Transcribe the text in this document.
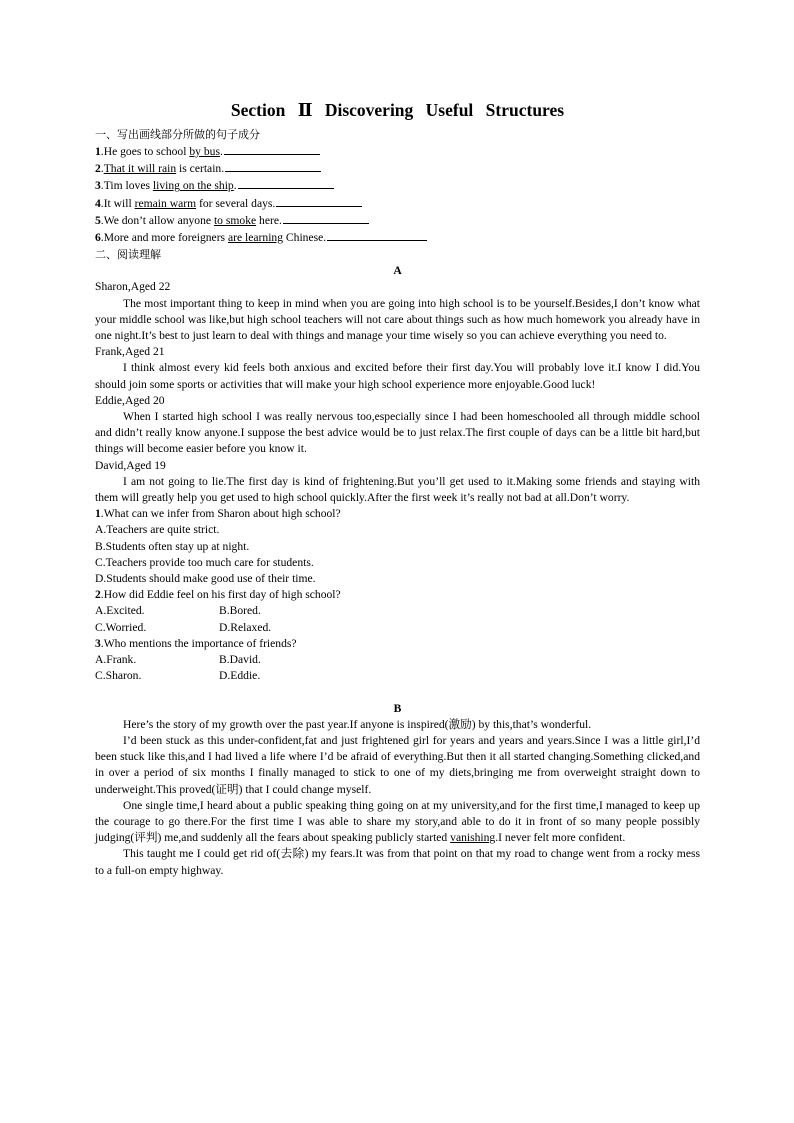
Section Ⅱ Discovering Useful Structures
一、写出画线部分所做的句子成分
1.He goes to school by bus.
2.That it will rain is certain.
3.Tim loves living on the ship.
4.It will remain warm for several days.
5.We don’t allow anyone to smoke here.
6.More and more foreigners are learning Chinese.
二、阅读理解
A
Sharon,Aged 22

The most important thing to keep in mind when you are going into high school is to be yourself.Besides,I don’t know what your middle school was like,but high school teachers will not care about things such as how much homework you already have in one night.It’s best to just learn to deal with things and manage your time wisely so you can achieve everything you need to.

Frank,Aged 21

I think almost every kid feels both anxious and excited before their first day.You will probably love it.I know I did.You should join some sports or activities that will make your high school experience more enjoyable.Good luck!

Eddie,Aged 20

When I started high school I was really nervous too,especially since I had been homeschooled all through middle school and didn’t really know anyone.I suppose the best advice would be to just relax.The first couple of days can be a little bit hard,but things will become easier before you know it.

David,Aged 19

I am not going to lie.The first day is kind of frightening.But you’ll get used to it.Making some friends and staying with them will greatly help you get used to high school quickly.After the first week it’s really not bad at all.Don’t worry.

1.What can we infer from Sharon about high school?
A.Teachers are quite strict.
B.Students often stay up at night.
C.Teachers provide too much care for students.
D.Students should make good use of their time.
2.How did Eddie feel on his first day of high school?
A.Excited.	B.Bored.
C.Worried.	D.Relaxed.
3.Who mentions the importance of friends?
A.Frank.	B.David.
C.Sharon.	D.Eddie.
B

Here’s the story of my growth over the past year.If anyone is inspired(激励) by this,that’s wonderful.

I’d been stuck as this under-confident,fat and just frightened girl for years and years and years.Since I was a little girl,I’d been stuck like this,and I had lived a life where I’d be afraid of everything.But then it all started changing.Something clicked,and in over a period of six months I finally managed to stick to one of my diets,bringing me from overweight straight down to underweight.This proved(证明) that I could change myself.

One single time,I heard about a public speaking thing going on at my university,and for the first time,I managed to keep up the courage to go there.For the first time I was able to share my story,and able to do it in front of so many people possibly judging(评判) me,and suddenly all the fears about speaking publicly started vanishing.I never felt more confident.

This taught me I could get rid of(去除) my fears.It was from that point on that my road to change went from a rocky mess to a full-on empty highway.
